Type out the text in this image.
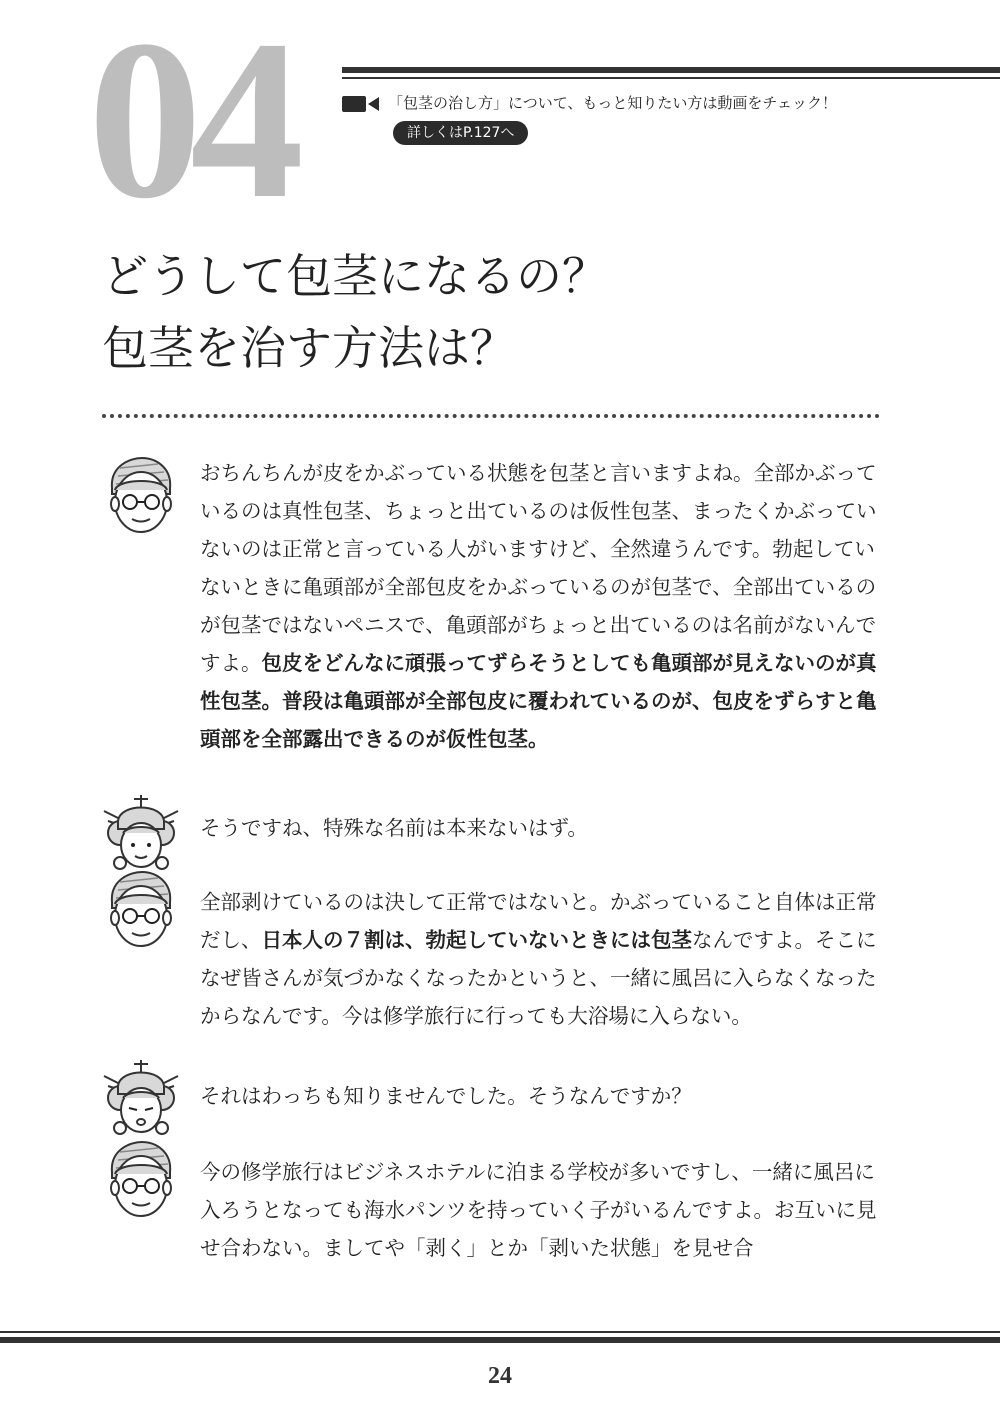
04	「包茎の治し方」について、もっと知りたい方は動画をチェック！
詳しくはP.127へ
どうして包茎になるの？
包茎を治す方法は？
おちんちんが皮をかぶっている状態を包茎と言いますよね。全部かぶっているのは真性包茎、ちょっと出ているのは仮性包茎、まったくかぶっていないのは正常と言っている人がいますけど、全然違うんです。勃起していないときに亀頭部が全部包皮をかぶっているのが包茎で、全部出ているのが包茎ではないペニスで、亀頭部がちょっと出ているのは名前がないんですよ。包皮をどんなに頑張ってずらそうとしても亀頭部が見えないのが真性包茎。普段は亀頭部が全部包皮に覆われているのが、包皮をずらすと亀頭部を全部露出できるのが仮性包茎。
そうですね、特殊な名前は本来ないはず。
全部剥けているのは決して正常ではないと。かぶっていること自体は正常だし、日本人の７割は、勃起していないときには包茎なんですよ。そこになぜ皆さんが気づかなくなったかというと、一緒に風呂に入らなくなったからなんです。今は修学旅行に行っても大浴場に入らない。
それはわっちも知りませんでした。そうなんですか？
今の修学旅行はビジネスホテルに泊まる学校が多いですし、一緒に風呂に入ろうとなっても海水パンツを持っていく子がいるんですよ。お互いに見せ合わない。ましてや「剥く」とか「剥いた状態」を見せ合
24
